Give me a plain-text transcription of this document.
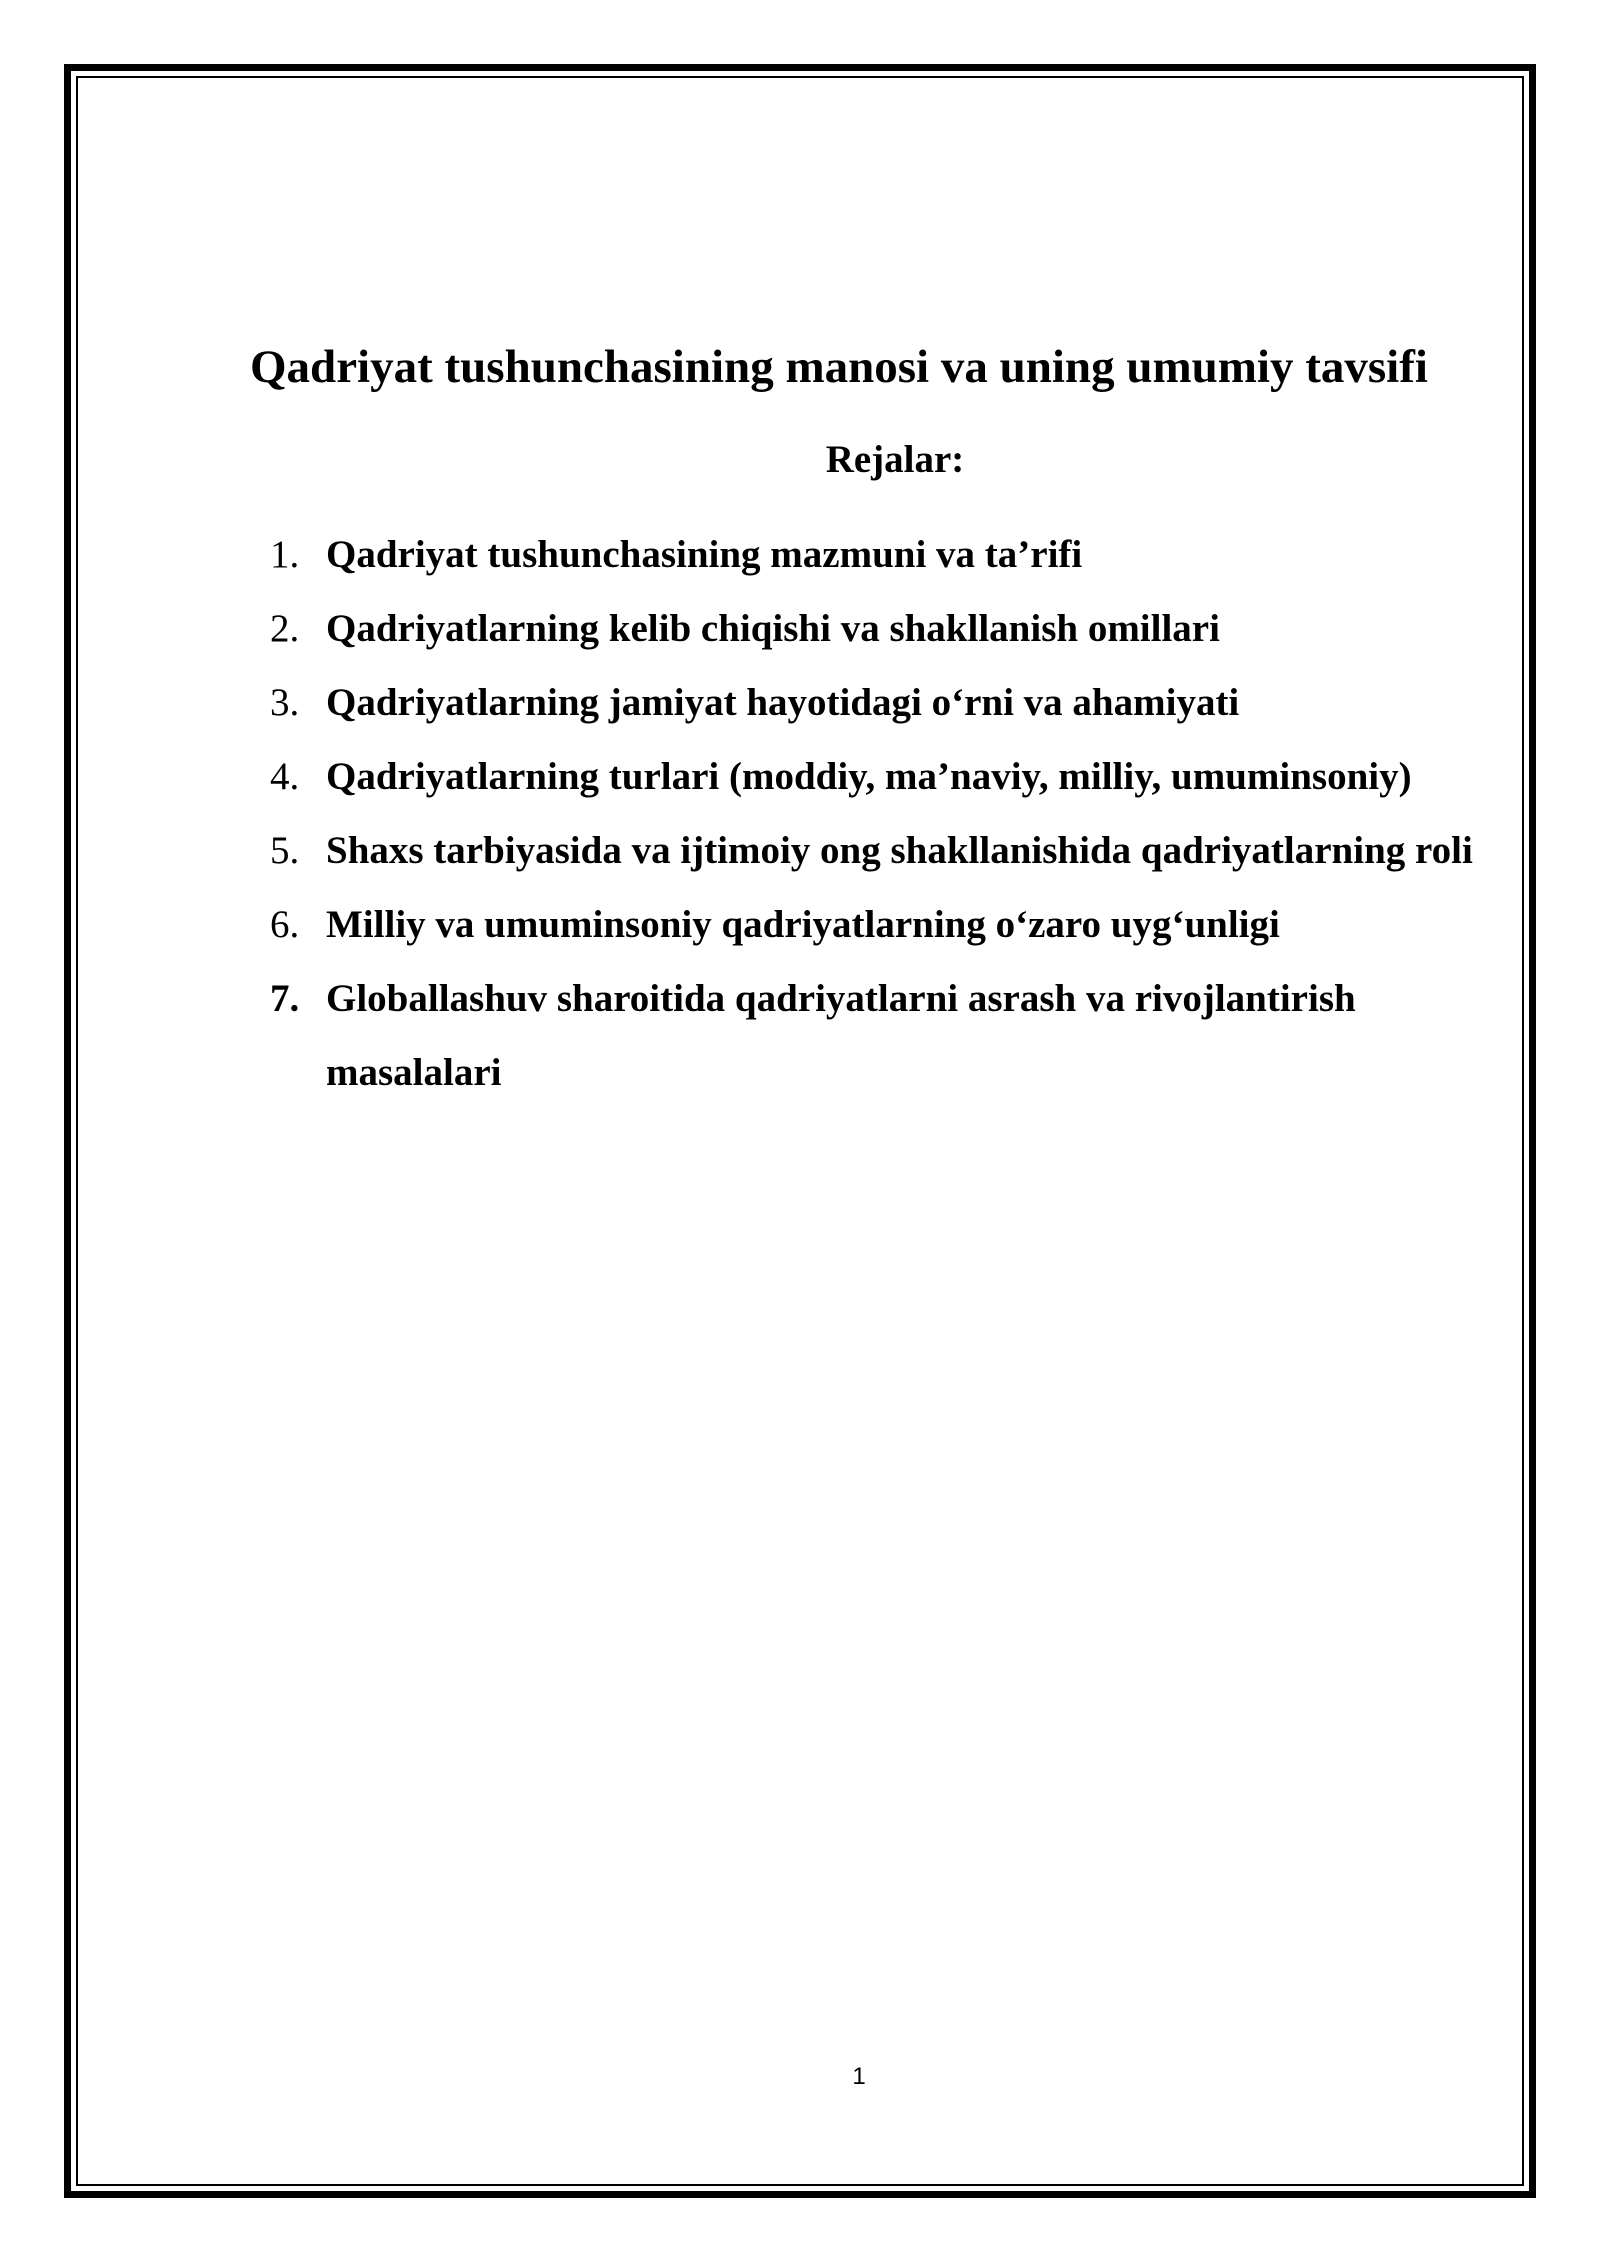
Qadriyat tushunchasining manosi va uning umumiy tavsifi
Rejalar:
1. Qadriyat tushunchasining mazmuni va ta’rifi
2. Qadriyatlarning kelib chiqishi va shakllanish omillari
3. Qadriyatlarning jamiyat hayotidagi o‘rni va ahamiyati
4. Qadriyatlarning turlari (moddiy, ma’naviy, milliy, umuminsoniy)
5. Shaxs tarbiyasida va ijtimoiy ong shakllanishida qadriyatlarning roli
6. Milliy va umuminsoniy qadriyatlarning o‘zaro uyg‘unligi
7. Globallashuv sharoitida qadriyatlarni asrash va rivojlantirish masalalari
1
